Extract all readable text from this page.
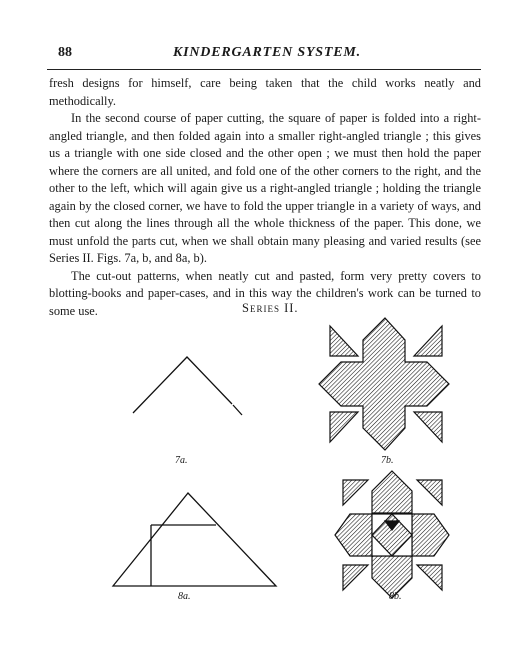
88	KINDERGARTEN SYSTEM.

fresh designs for himself, care being taken that the child works neatly and methodically.

In the second course of paper cutting, the square of paper is folded into a right-angled triangle, and then folded again into a smaller right-angled triangle ; this gives us a triangle with one side closed and the other open ; we must then hold the paper where the corners are all united, and fold one of the other corners to the right, and the other to the left, which will again give us a right-angled triangle ; holding the triangle again by the closed corner, we have to fold the upper triangle in a variety of ways, and then cut along the lines through all the whole thickness of the paper. This done, we must unfold the parts cut, when we shall obtain many pleasing and varied results (see Series II. Figs. 7a, b, and 8a, b).

The cut-out patterns, when neatly cut and pasted, form very pretty covers to blotting-books and paper-cases, and in this way the children's work can be turned to some use.	Series II.
7a.	7b.
8a.	8b.
